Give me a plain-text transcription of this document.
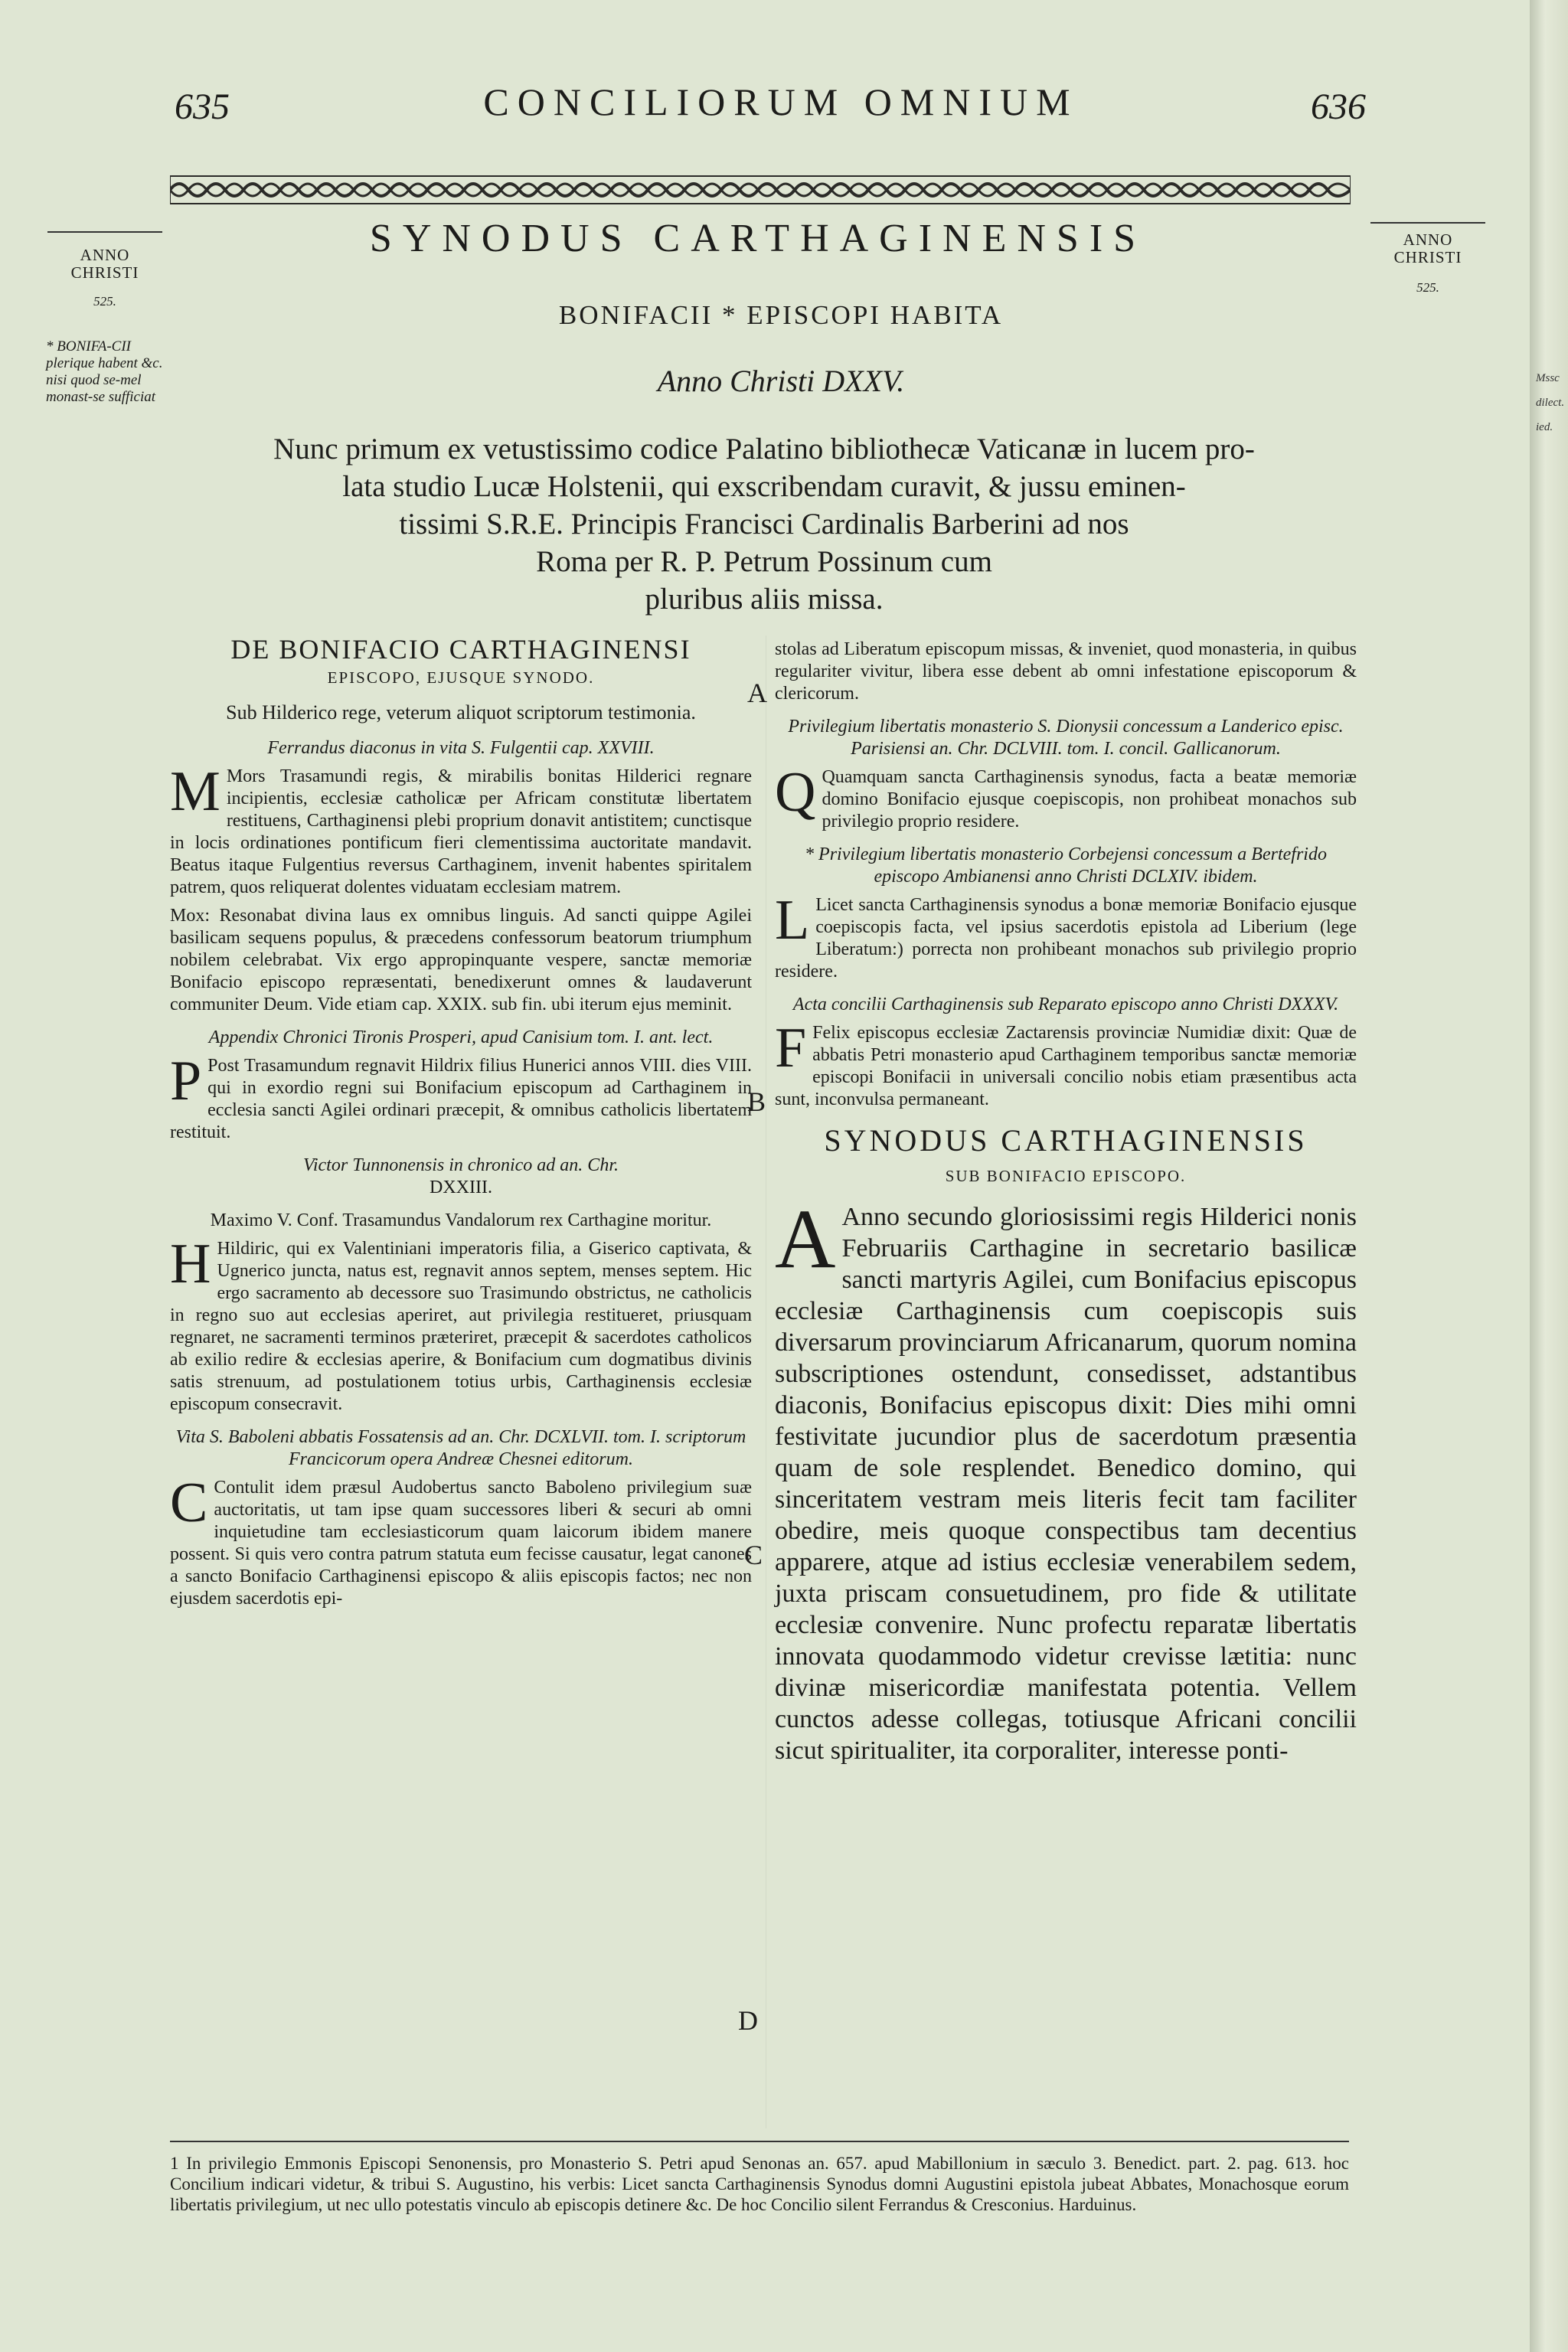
635	CONCILIORUM OMNIUM	636
ANNO CHRISTI
525.
* BONIFA-CII plerique habent &c. nisi quod se-mel monast-se sufficiat
ANNO CHRISTI
525.
SYNODUS CARTHAGINENSIS
BONIFACII * EPISCOPI HABITA
Anno Christi DXXV.
Nunc primum ex vetustissimo codice Palatino bibliothecæ Vaticanæ in lucem pro-
lata studio Lucæ Holstenii, qui exscribendam curavit, & jussu eminen-
tissimi S.R.E. Principis Francisci Cardinalis Barberini ad nos
Roma per R. P. Petrum Possinum cum
pluribus aliis missa.

DE BONIFACIO CARTHAGINENSI

EPISCOPO, EJUSQUE SYNODO.

Sub Hilderico rege, veterum aliquot scriptorum testimonia.

Ferrandus diaconus in vita S. Fulgentii cap. XXVIII.

M Mors Trasamundi regis, & mirabilis bonitas Hilderici regnare incipientis, ecclesiæ catholicæ per Africam constitutæ libertatem restituens, Carthaginensi plebi proprium donavit antistitem; cunctisque in locis ordinationes pontificum fieri clementissima auctoritate mandavit. Beatus itaque Fulgentius reversus Carthaginem, invenit habentes spiritalem patrem, quos reliquerat dolentes viduatam ecclesiam matrem.

Mox: Resonabat divina laus ex omnibus linguis. Ad sancti quippe Agilei basilicam sequens populus, & præcedens confessorum beatorum triumphum nobilem celebrabat. Vix ergo appropinquante vespere, sanctæ memoriæ Bonifacio episcopo repræsentati, benedixerunt omnes & laudaverunt communiter Deum. Vide etiam cap. XXIX. sub fin. ubi iterum ejus meminit.

Appendix Chronici Tironis Prosperi, apud Canisium tom. I. ant. lect.

P Post Trasamundum regnavit Hildrix filius Hunerici annos VIII. dies VIII. qui in exordio regni sui Bonifacium episcopum ad Carthaginem in ecclesia sancti Agilei ordinari præcepit, & omnibus catholicis libertatem restituit.

Victor Tunnonensis in chronico ad an. Chr.

DXXIII.

Maximo V. Conf. Trasamundus Vandalorum rex Carthagine moritur.

H Hildiric, qui ex Valentiniani imperatoris filia, a Giserico captivata, & Ugnerico juncta, natus est, regnavit annos septem, menses septem. Hic ergo sacramento ab decessore suo Trasimundo obstrictus, ne catholicis in regno suo aut ecclesias aperiret, aut privilegia restitueret, priusquam regnaret, ne sacramenti terminos præteriret, præcepit & sacerdotes catholicos ab exilio redire & ecclesias aperire, & Bonifacium cum dogmatibus divinis satis strenuum, ad postulationem totius urbis, Carthaginensis ecclesiæ episcopum consecravit.

Vita S. Baboleni abbatis Fossatensis ad an. Chr. DCXLVII. tom. I. scriptorum Francicorum opera Andreæ Chesnei editorum.

C Contulit idem præsul Audobertus sancto Baboleno privilegium suæ auctoritatis, ut tam ipse quam successores liberi & securi ab omni inquietudine tam ecclesiasticorum quam laicorum ibidem manere possent. Si quis vero contra patrum statuta eum fecisse causatur, legat canones a sancto Bonifacio Carthaginensi episcopo & aliis episcopis factos; nec non ejusdem sacerdotis epi-

stolas ad Liberatum episcopum missas, & inveniet, quod monasteria, in quibus regulariter vivitur, libera esse debent ab omni infestatione episcoporum & clericorum.

Privilegium libertatis monasterio S. Dionysii concessum a Landerico episc. Parisiensi an. Chr. DCLVIII. tom. I. concil. Gallicanorum.

Q Quamquam sancta Carthaginensis synodus, facta a beatæ memoriæ domino Bonifacio ejusque coepiscopis, non prohibeat monachos sub privilegio proprio residere.

* Privilegium libertatis monasterio Corbejensi concessum a Bertefrido episcopo Ambianensi anno Christi DCLXIV. ibidem.

L Licet sancta Carthaginensis synodus a bonæ memoriæ Bonifacio ejusque coepiscopis facta, vel ipsius sacerdotis epistola ad Liberium (lege Liberatum:) porrecta non prohibeant monachos sub privilegio proprio residere.

Acta concilii Carthaginensis sub Reparato episcopo anno Christi DXXXV.

F Felix episcopus ecclesiæ Zactarensis provinciæ Numidiæ dixit: Quæ de abbatis Petri monasterio apud Carthaginem temporibus sanctæ memoriæ episcopi Bonifacii in universali concilio nobis etiam præsentibus acta sunt, inconvulsa permaneant.

SYNODUS CARTHAGINENSIS

SUB BONIFACIO EPISCOPO.

A Anno secundo gloriosissimi regis Hilderici nonis Februariis Carthagine in secretario basilicæ sancti martyris Agilei, cum Bonifacius episcopus ecclesiæ Carthaginensis cum coepiscopis suis diversarum provinciarum Africanarum, quorum nomina subscriptiones ostendunt, consedisset, adstantibus diaconis, Bonifacius episcopus dixit: Dies mihi omni festivitate jucundior plus de sacerdotum præsentia quam de sole resplendet. Benedico domino, qui sinceritatem vestram meis literis fecit tam faciliter obedire, meis quoque conspectibus tam decentius apparere, atque ad istius ecclesiæ venerabilem sedem, juxta priscam consuetudinem, pro fide & utilitate ecclesiæ convenire. Nunc profectu reparatæ libertatis innovata quodammodo videtur crevisse lætitia: nunc divinæ misericordiæ manifestata potentia. Vellem cunctos adesse collegas, totiusque Africani concilii sicut spiritualiter, ita corporaliter, interesse ponti-
A
B
C
D
1 In privilegio Emmonis Episcopi Senonensis, pro Monasterio S. Petri apud Senonas an. 657. apud Mabillonium in sæculo 3. Benedict. part. 2. pag. 613. hoc Concilium indicari videtur, & tribui S. Augustino, his verbis: Licet sancta Carthaginensis Synodus domni Augustini epistola jubeat Abbates, Monachosque eorum libertatis privilegium, ut nec ullo potestatis vinculo ab episcopis detinere &c. De hoc Concilio silent Ferrandus & Cresconius. Harduinus.
Mssc dilect. ied.
